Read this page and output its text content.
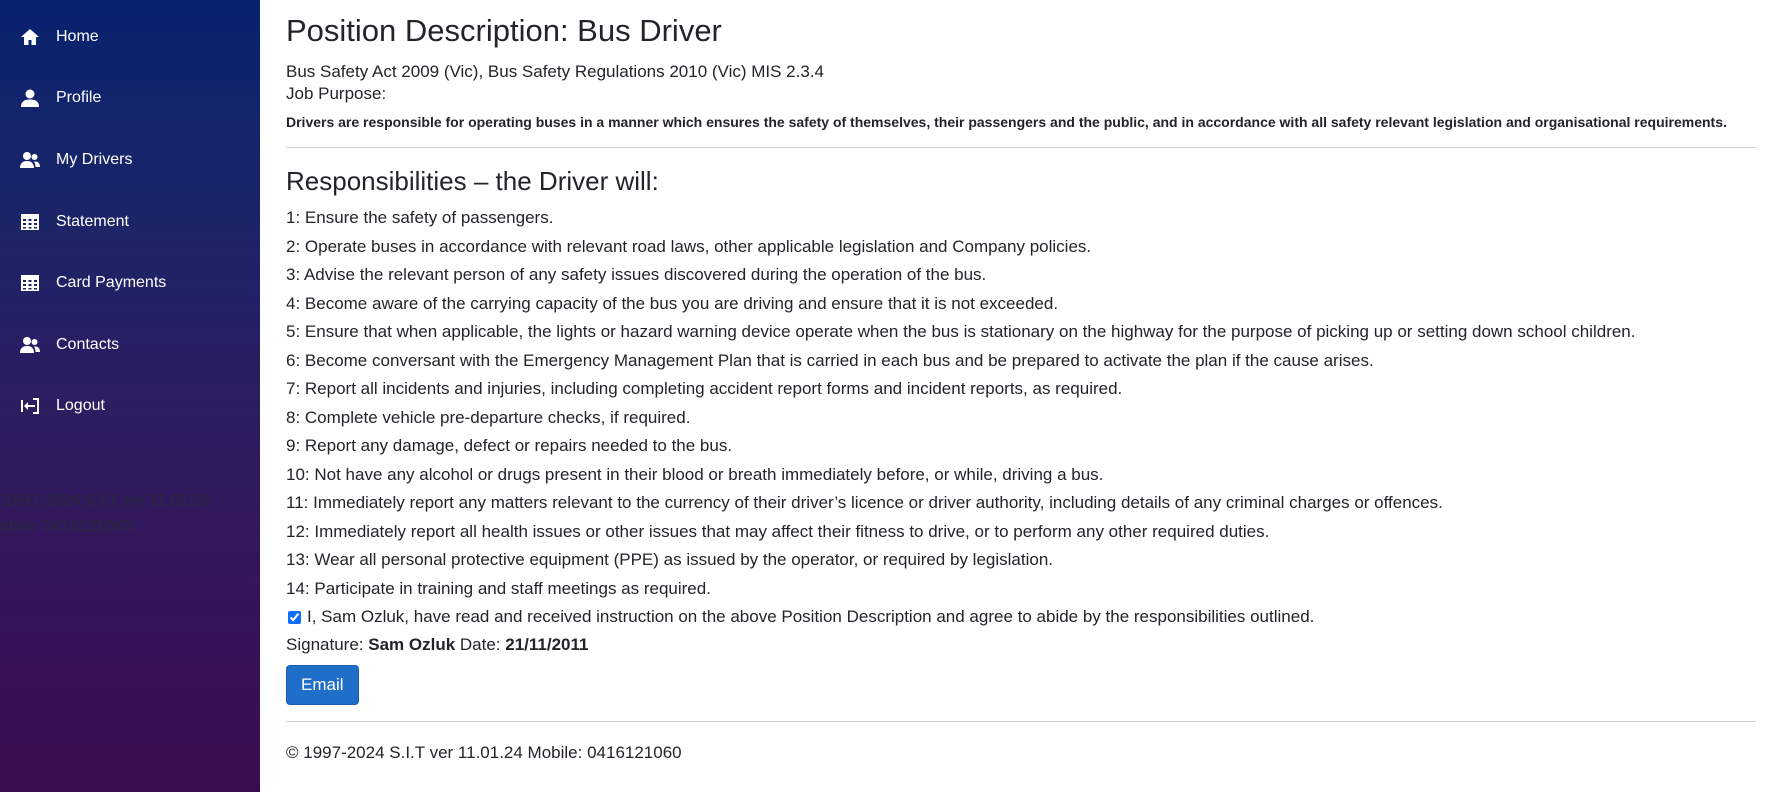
Home
Profile
My Drivers
Statement
Card Payments
Contacts
Logout
1997-2024 S.I.T ver 11.01.24
obile: 0416121060
Position Description: Bus Driver
Bus Safety Act 2009 (Vic), Bus Safety Regulations 2010 (Vic) MIS 2.3.4
Job Purpose:
Drivers are responsible for operating buses in a manner which ensures the safety of themselves, their passengers and the public, and in accordance with all safety relevant legislation and organisational requirements.
Responsibilities – the Driver will:
1: Ensure the safety of passengers.
2: Operate buses in accordance with relevant road laws, other applicable legislation and Company policies.
3: Advise the relevant person of any safety issues discovered during the operation of the bus.
4: Become aware of the carrying capacity of the bus you are driving and ensure that it is not exceeded.
5: Ensure that when applicable, the lights or hazard warning device operate when the bus is stationary on the highway for the purpose of picking up or setting down school children.
6: Become conversant with the Emergency Management Plan that is carried in each bus and be prepared to activate the plan if the cause arises.
7: Report all incidents and injuries, including completing accident report forms and incident reports, as required.
8: Complete vehicle pre-departure checks, if required.
9: Report any damage, defect or repairs needed to the bus.
10: Not have any alcohol or drugs present in their blood or breath immediately before, or while, driving a bus.
11: Immediately report any matters relevant to the currency of their driver’s licence or driver authority, including details of any criminal charges or offences.
12: Immediately report all health issues or other issues that may affect their fitness to drive, or to perform any other required duties.
13: Wear all personal protective equipment (PPE) as issued by the operator, or required by legislation.
14: Participate in training and staff meetings as required.
I, Sam Ozluk, have read and received instruction on the above Position Description and agree to abide by the responsibilities outlined.
Signature: Sam Ozluk Date: 21/11/2011
Email
© 1997-2024 S.I.T ver 11.01.24 Mobile: 0416121060
